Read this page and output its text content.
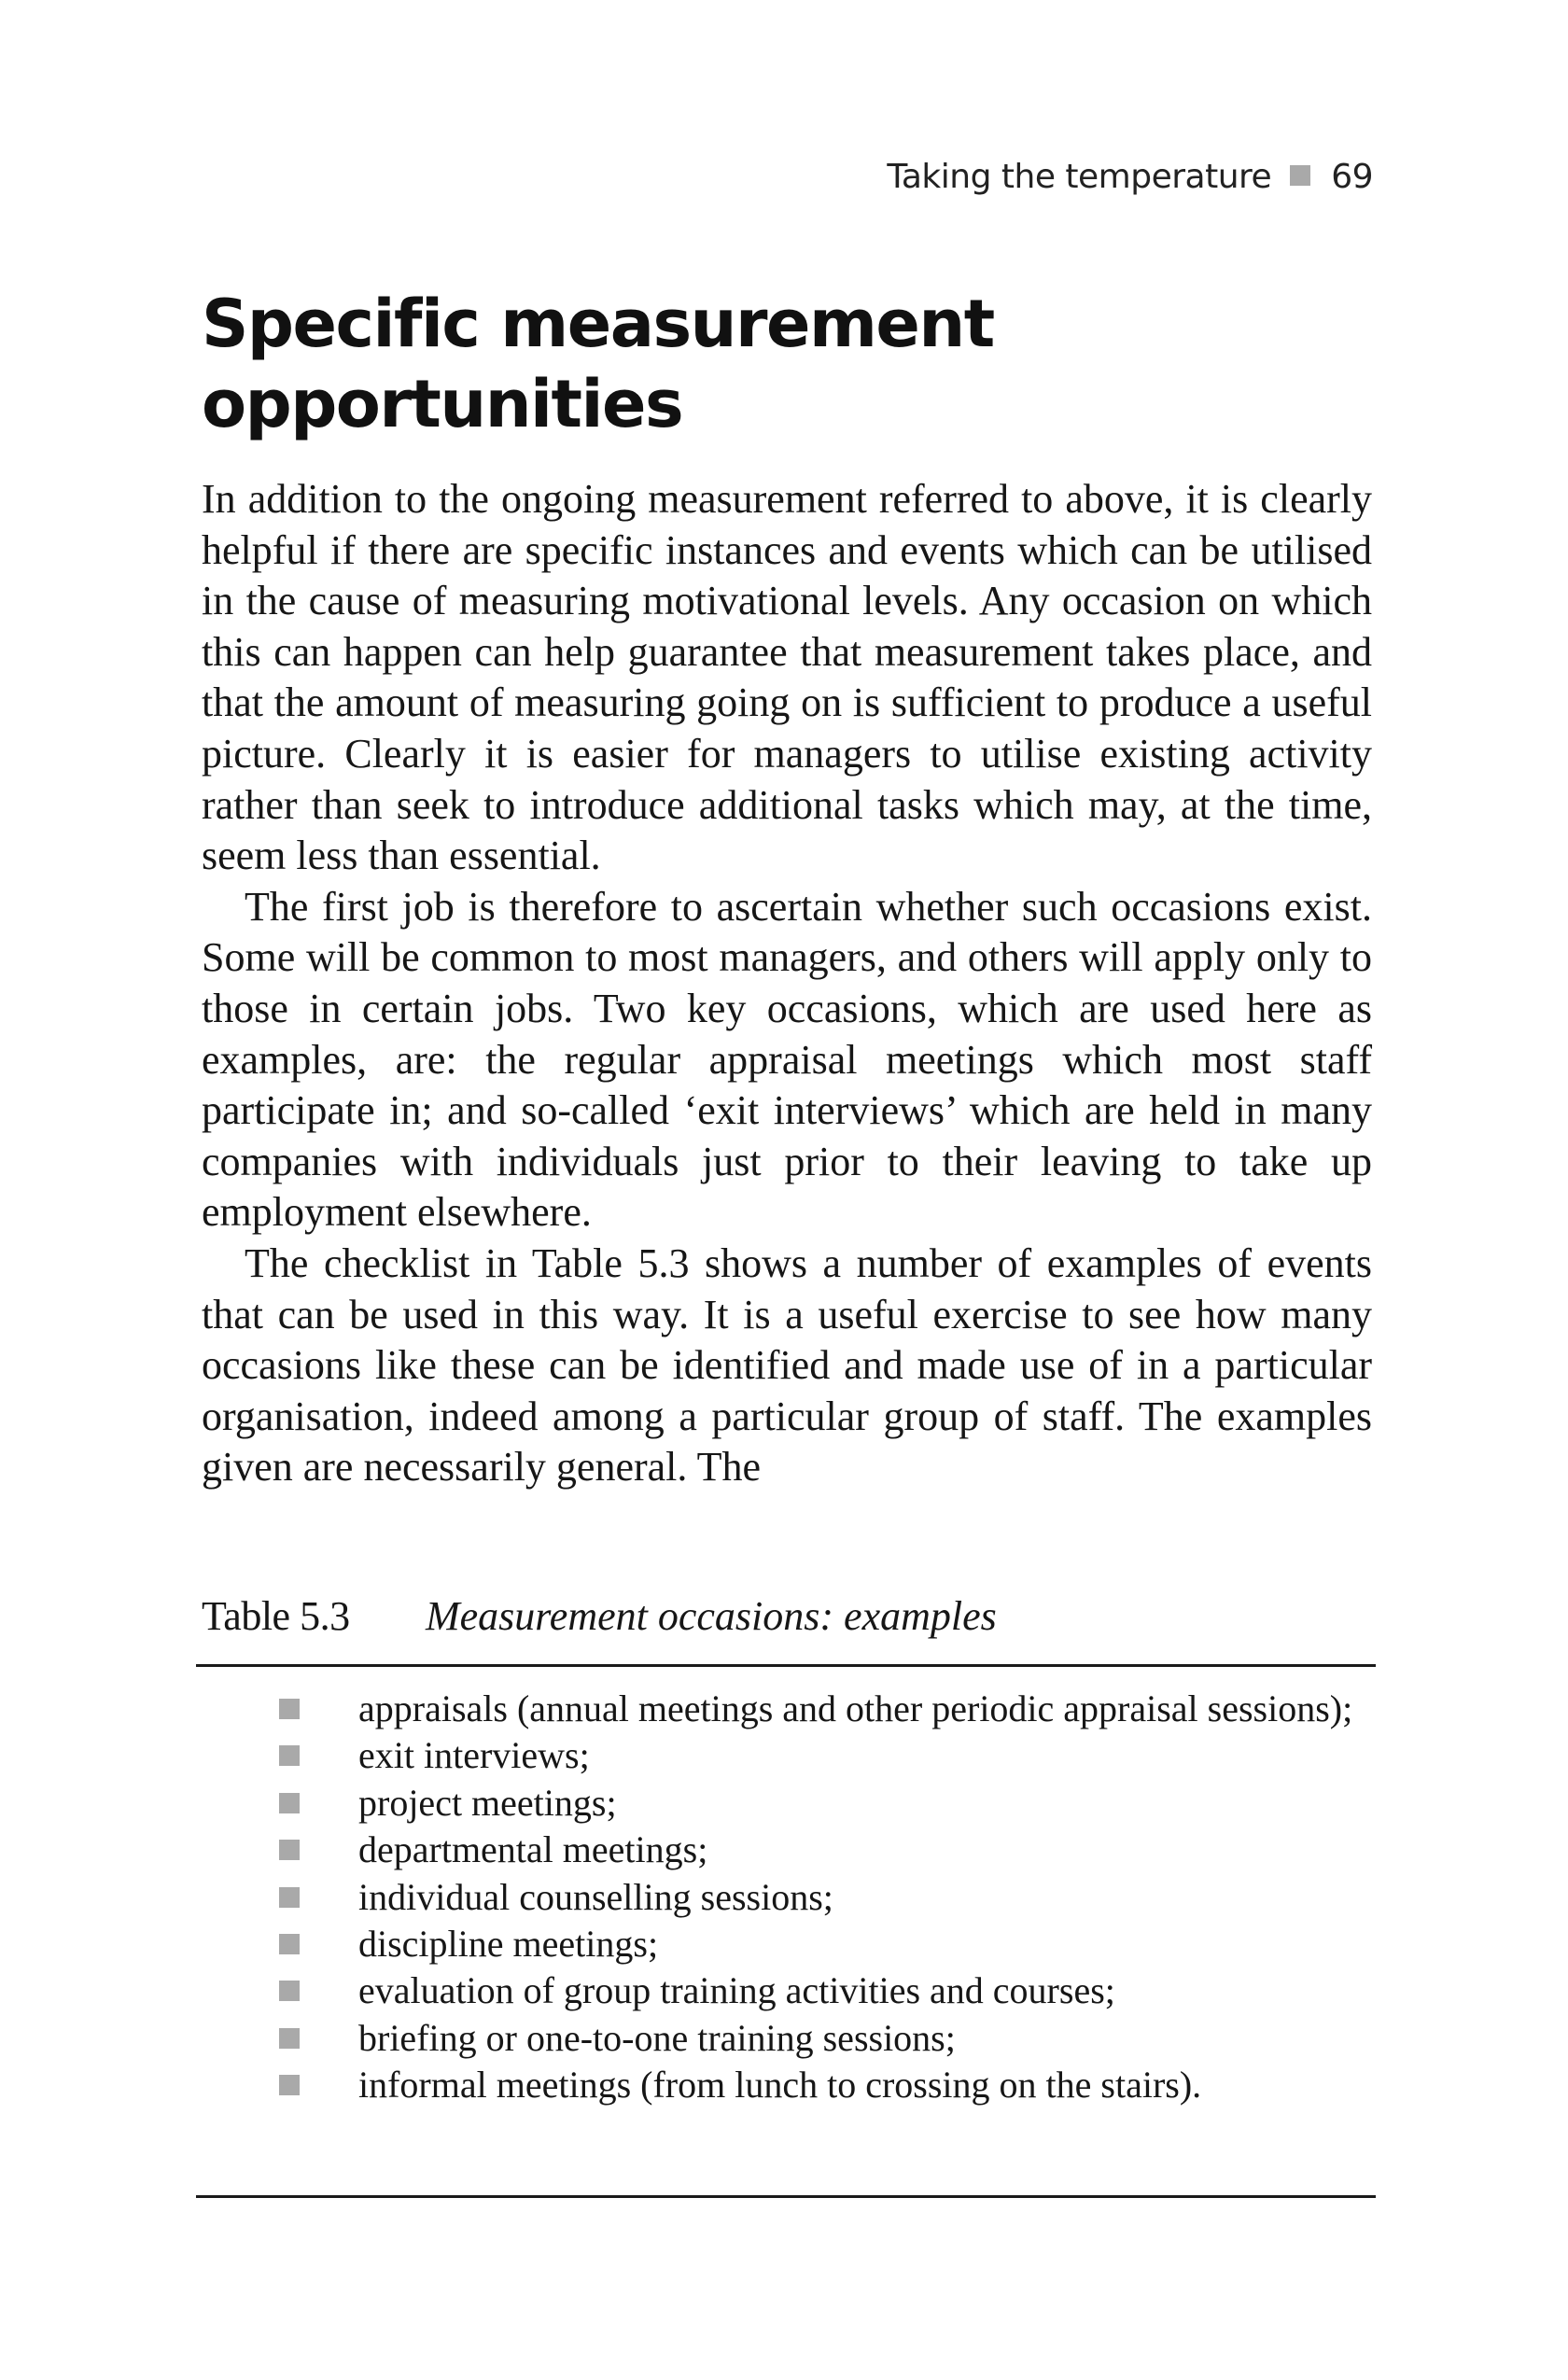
Taking the temperature 69
Specific measurement opportunities

In addition to the ongoing measurement referred to above, it is clearly helpful if there are specific instances and events which can be utilised in the cause of measuring motivational levels. Any occasion on which this can happen can help guarantee that measurement takes place, and that the amount of measuring going on is sufficient to produce a useful picture. Clearly it is easier for managers to utilise existing activity rather than seek to introduce additional tasks which may, at the time, seem less than essential.

The first job is therefore to ascertain whether such occasions exist. Some will be common to most managers, and others will apply only to those in certain jobs. Two key occasions, which are used here as examples, are: the regular appraisal meetings which most staff participate in; and so-called ‘exit interviews’ which are held in many companies with individuals just prior to their leaving to take up employment elsewhere.

The checklist in Table 5.3 shows a number of examples of events that can be used in this way. It is a useful exercise to see how many occasions like these can be identified and made use of in a particular organisation, indeed among a particular group of staff. The examples given are necessarily general. The

Table 5.3 Measurement occasions: examples
appraisals (annual meetings and other periodic appraisal sessions);
exit interviews;
project meetings;
departmental meetings;
individual counselling sessions;
discipline meetings;
evaluation of group training activities and courses;
briefing or one-to-one training sessions;
informal meetings (from lunch to crossing on the stairs).
